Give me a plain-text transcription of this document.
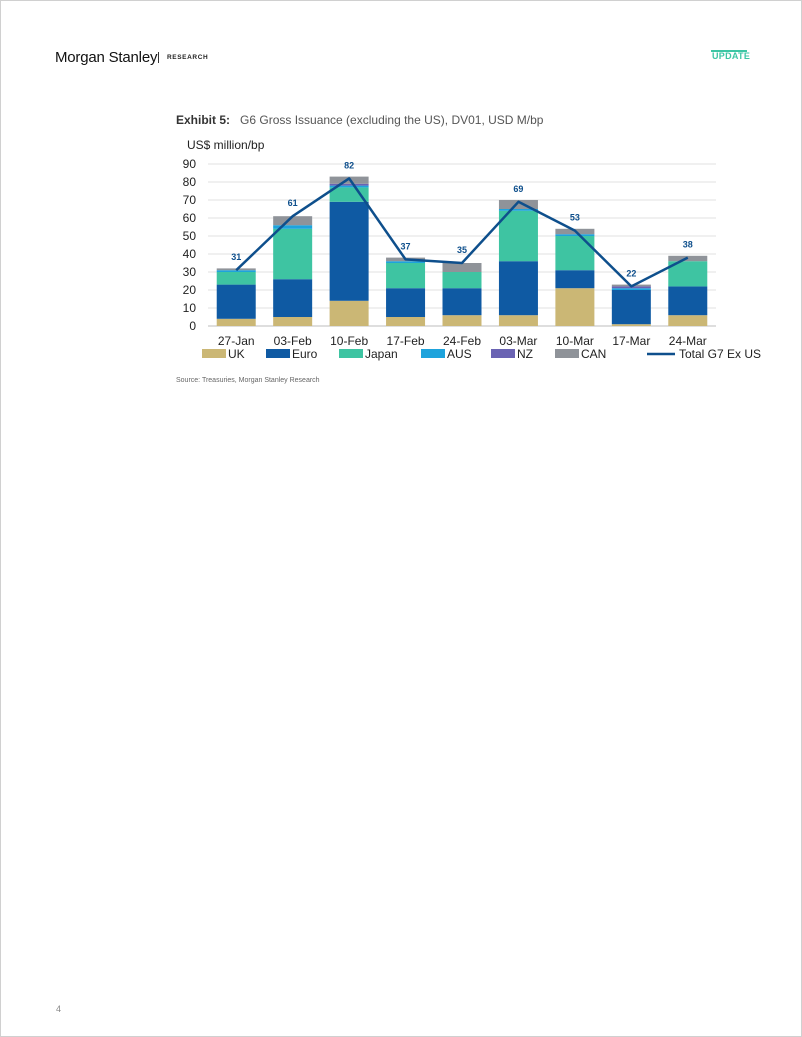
Morgan Stanley RESEARCH	UPDATE
Exhibit 5: G6 Gross Issuance (excluding the US), DV01, USD M/bp
US$ million/bp
0
10
20
30
40
50
60
70
80
90
27-Jan 03-Feb 10-Feb 17-Feb 24-Feb 03-Mar 10-Mar 17-Mar 24-Mar
31
61
82
37	35
69
53
22
38
UK	Euro	Japan	AUS	NZ	CAN	Total G7 Ex US
Source: Treasuries, Morgan Stanley Research
4
